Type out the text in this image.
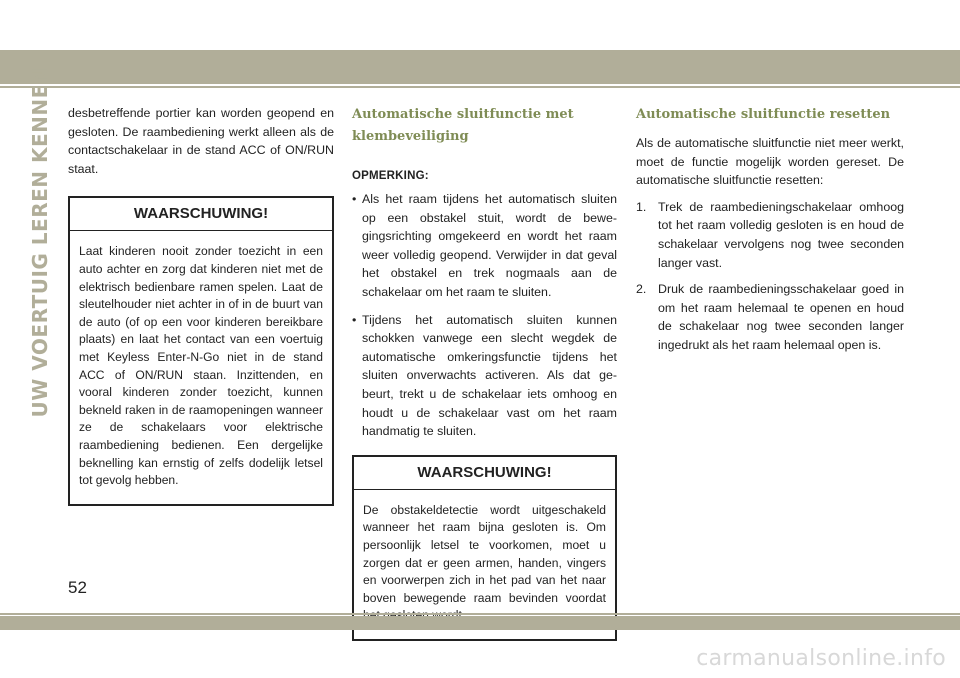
UW VOERTUIG LEREN KENNEN desbetreffende portier kan worden geopend en gesloten. De raambediening werkt alleen als de contactschakelaar in de stand ACC of ON/RUN staat.

WAARSCHUWING!

Laat kinderen nooit zonder toezicht in een auto achter en zorg dat kinderen niet met de elektrisch bedienbare ramen spelen. Laat de sleutelhouder niet achter in of in de buurt van de auto (of op een voor kinderen bereikbare plaats) en laat het contact van een voertuig met Keyless Enter-N-Go niet in de stand ACC of ON/RUN staan. Inzittenden, en vooral kinderen zonder toezicht, kunnen bekneld raken in de raamopeningen wanneer ze de schakelaars voor elektrische raambediening bedienen. Een dergelijke beknelling kan ernstig of zelfs dodelijk letsel tot gevolg hebben.

Automatische sluitfunctie met klembeveiliging
OPMERKING:
• Als het raam tijdens het automatisch sluiten op een obstakel stuit, wordt de bewegingsrichting omgekeerd en wordt het raam weer volledig geopend. Verwijder in dat geval het obstakel en trek nogmaals aan de schakelaar om het raam te sluiten.

• Tijdens het automatisch sluiten kunnen schokken vanwege een slecht wegdek de automatische omkeringsfunctie tijdens het sluiten onverwachts activeren. Als dat gebeurt, trekt u de schakelaar iets omhoog en houdt u de schakelaar vast om het raam handmatig te sluiten.

WAARSCHUWING!

De obstakeldetectie wordt uitgeschakeld wanneer het raam bijna gesloten is. Om persoonlijk letsel te voorkomen, moet u zorgen dat er geen armen, handen, vingers en voorwerpen zich in het pad van het naar boven bewegende raam bevinden voordat

Automatische sluitfunctie resetten

Als de automatische sluitfunctie niet meer werkt, moet de functie mogelijk worden gereset. De automatische sluitfunctie resetten:

1. Trek de raambedieningschakelaar omhoog tot het raam volledig gesloten is en houd de schakelaar vervolgens nog twee seconden langer vast.

2. Druk de raambedieningsschakelaar goed in om het raam helemaal te openen en houd de schakelaar nog twee seconden langer ingedrukt als het raam helemaal open is.

52
carmanualsonline.info
